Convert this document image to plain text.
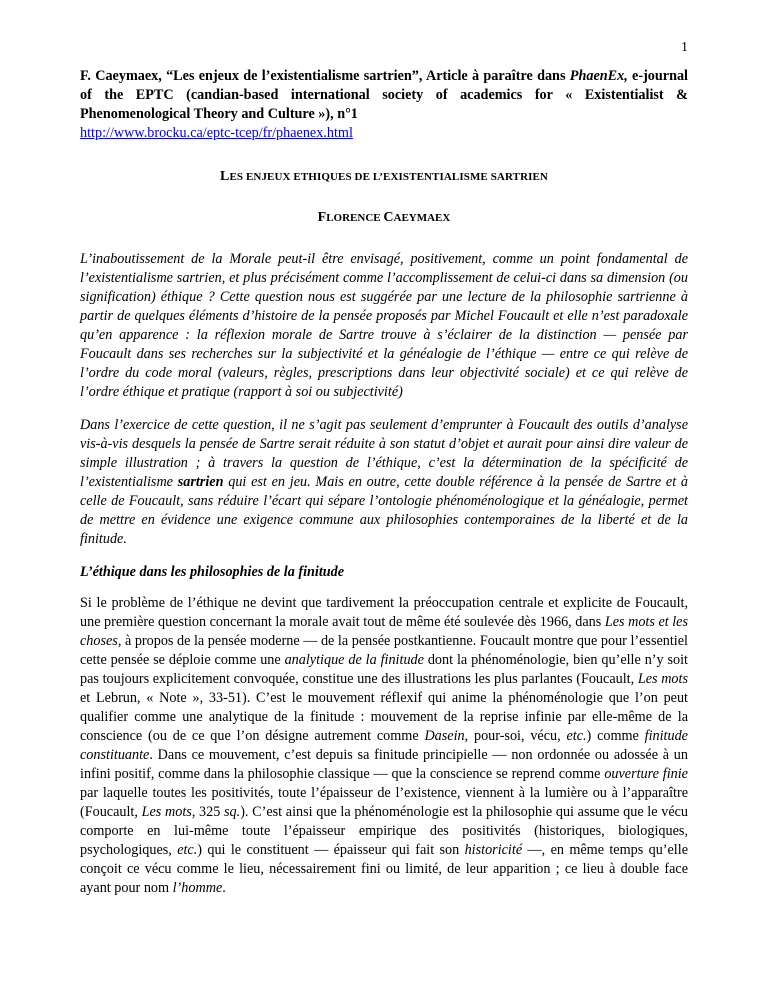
1

F. Caeymaex, “Les enjeux de l’existentialisme sartrien”, Article à paraître dans PhaenEx, e-journal of the EPTC (candian-based international society of academics for « Existentialist & Phenomenological Theory and Culture »), n°1
http://www.brocku.ca/eptc-tcep/fr/phaenex.html

LES ENJEUX ETHIQUES DE L’EXISTENTIALISME SARTRIEN
FLORENCE CAEYMAEX

L’inaboutissement de la Morale peut-il être envisagé, positivement, comme un point fondamental de l’existentialisme sartrien, et plus précisément comme l’accomplissement de celui-ci dans sa dimension (ou signification) éthique ? Cette question nous est suggérée par une lecture de la philosophie sartrienne à partir de quelques éléments d’histoire de la pensée proposés par Michel Foucault et elle n’est paradoxale qu’en apparence : la réflexion morale de Sartre trouve à s’éclairer de la distinction — pensée par Foucault dans ses recherches sur la subjectivité et la généalogie de l’éthique — entre ce qui relève de l’ordre du code moral (valeurs, règles, prescriptions dans leur objectivité sociale) et ce qui relève de l’ordre éthique et pratique (rapport à soi ou subjectivité)

Dans l’exercice de cette question, il ne s’agit pas seulement d’emprunter à Foucault des outils d’analyse vis-à-vis desquels la pensée de Sartre serait réduite à son statut d’objet et aurait pour ainsi dire valeur de simple illustration ; à travers la question de l’éthique, c’est la détermination de la spécificité de l’existentialisme sartrien qui est en jeu. Mais en outre, cette double référence à la pensée de Sartre et à celle de Foucault, sans réduire l’écart qui sépare l’ontologie phénoménologique et la généalogie, permet de mettre en évidence une exigence commune aux philosophies contemporaines de la liberté et de la finitude.

L’éthique dans les philosophies de la finitude

Si le problème de l’éthique ne devint que tardivement la préoccupation centrale et explicite de Foucault, une première question concernant la morale avait tout de même été soulevée dès 1966, dans Les mots et les choses, à propos de la pensée moderne — de la pensée postkantienne. Foucault montre que pour l’essentiel cette pensée se déploie comme une analytique de la finitude dont la phénoménologie, bien qu’elle n’y soit pas toujours explicitement convoquée, constitue une des illustrations les plus parlantes (Foucault, Les mots et Lebrun, « Note », 33-51). C’est le mouvement réflexif qui anime la phénoménologie que l’on peut qualifier comme une analytique de la finitude : mouvement de la reprise infinie par elle-même de la conscience (ou de ce que l’on désigne autrement comme Dasein, pour-soi, vécu, etc.) comme finitude constituante. Dans ce mouvement, c’est depuis sa finitude principielle — non ordonnée ou adossée à un infini positif, comme dans la philosophie classique — que la conscience se reprend comme ouverture finie par laquelle toutes les positivités, toute l’épaisseur de l’existence, viennent à la lumière ou à l’apparaître (Foucault, Les mots, 325 sq.). C’est ainsi que la phénoménologie est la philosophie qui assume que le vécu comporte en lui-même toute l’épaisseur empirique des positivités (historiques, biologiques, psychologiques, etc.) qui le constituent — épaisseur qui fait son historicité —, en même temps qu’elle conçoit ce vécu comme le lieu, nécessairement fini ou limité, de leur apparition ; ce lieu à double face ayant pour nom l’homme.
